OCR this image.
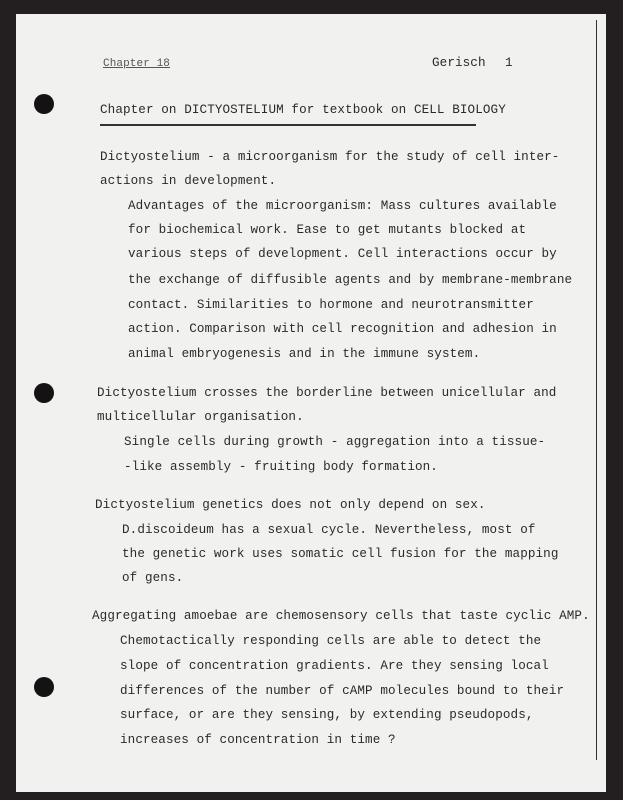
Chapter 18	Gerisch 1
Chapter on DICTYOSTELIUM for textbook on CELL BIOLOGY
Dictyostelium - a microorganism for the study of cell inter-
actions in development.
Advantages of the microorganism: Mass cultures available
for biochemical work. Ease to get mutants blocked at
various steps of development. Cell interactions occur by
the exchange of diffusible agents and by membrane-membrane
contact. Similarities to hormone and neurotransmitter
action. Comparison with cell recognition and adhesion in
animal embryogenesis and in the immune system.
Dictyostelium crosses the borderline between unicellular and
multicellular organisation.
Single cells during growth - aggregation into a tissue-
-like assembly - fruiting body formation.
Dictyostelium genetics does not only depend on sex.
D.discoideum has a sexual cycle. Nevertheless, most of
the genetic work uses somatic cell fusion for the mapping
of gens.
Aggregating amoebae are chemosensory cells that taste cyclic AMP.
Chemotactically responding cells are able to detect the
slope of concentration gradients. Are they sensing local
differences of the number of cAMP molecules bound to their
surface, or are they sensing, by extending pseudopods,
increases of concentration in time ?
